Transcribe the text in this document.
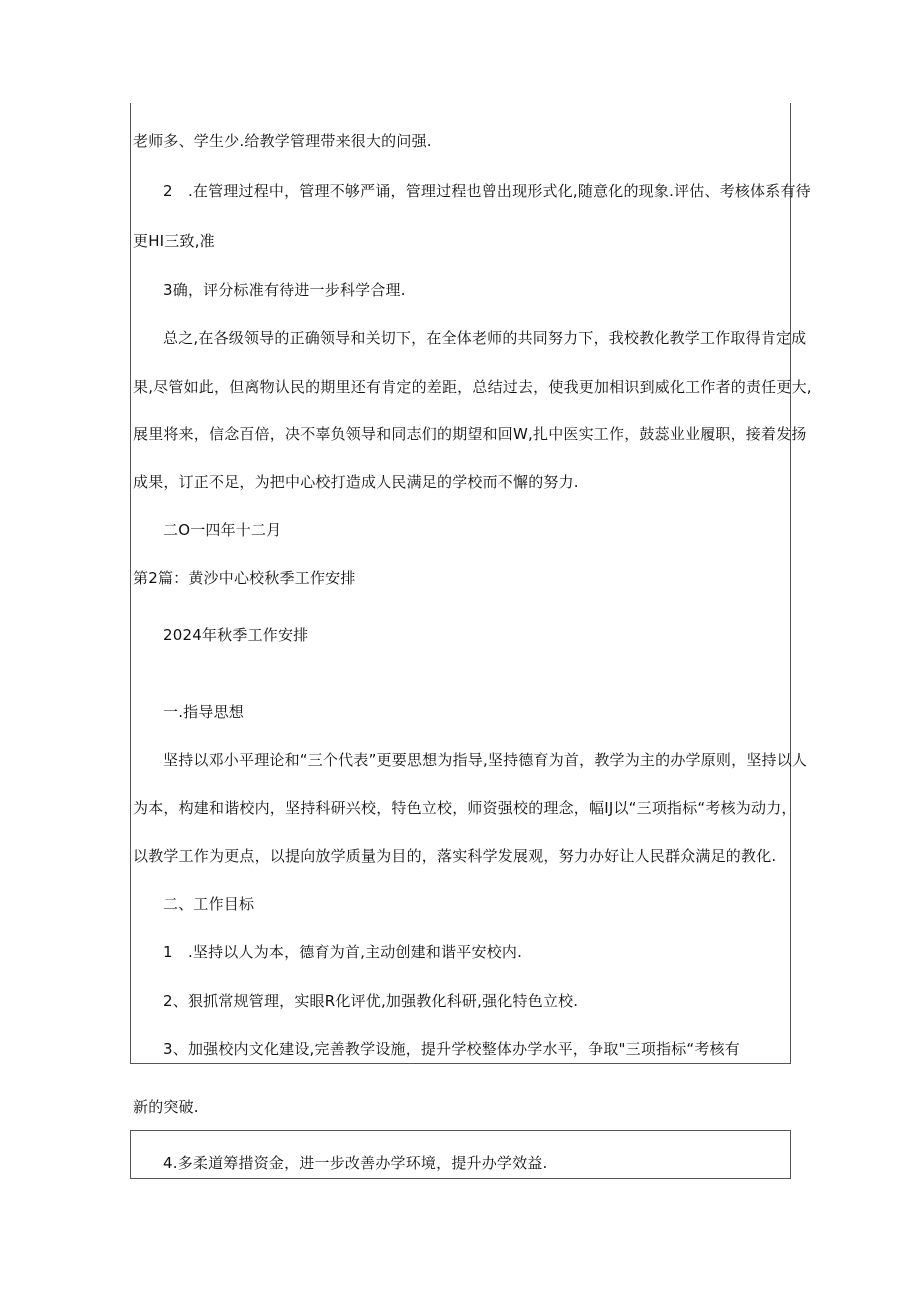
老师多、学生少.给教学管理带来很大的问强.
2　.在管理过程中，管理不够严诵，管理过程也曾出现形式化,随意化的现象.评估、考核体系有待
更HI三致,准
3确，评分标准有待进一步科学合理.
总之,在各级领导的正确领导和关切下，在全体老师的共同努力下，我校教化教学工作取得肯定成
果,尽管如此，但离物认民的期里还有肯定的差距，总结过去，使我更加相识到威化工作者的责任更大,
展里将来，信念百倍，决不辜负领导和同志们的期望和回W,扎中医实工作，鼓蕊业业履职，接着发扬
成果，订正不足，为把中心校打造成人民满足的学校而不懈的努力.
二O一四年十二月
第2篇：黄沙中心校秋季工作安排
2024年秋季工作安排
一.指导思想
坚持以邓小平理论和“三个代表”更要思想为指导,坚持德育为首，教学为主的办学原则，坚持以人
为本，构建和谐校内，坚持科研兴校，特色立校，师资强校的理念，幅IJ以“三项指标“考核为动力，
以教学工作为更点，以提向放学质量为目的，落实科学发展观，努力办好让人民群众满足的教化.
二、工作目标
1　.坚持以人为本，德育为首,主动创建和谐平安校内.
2、狠抓常规管理，实眼R化评优,加强教化科研,强化特色立校.
3、加强校内文化建设,完善教学设施，提升学校整体办学水平，争取"三项指标“考核有
新的突破.
4.多柔道筹措资金，进一步改善办学环境，提升办学效益.
